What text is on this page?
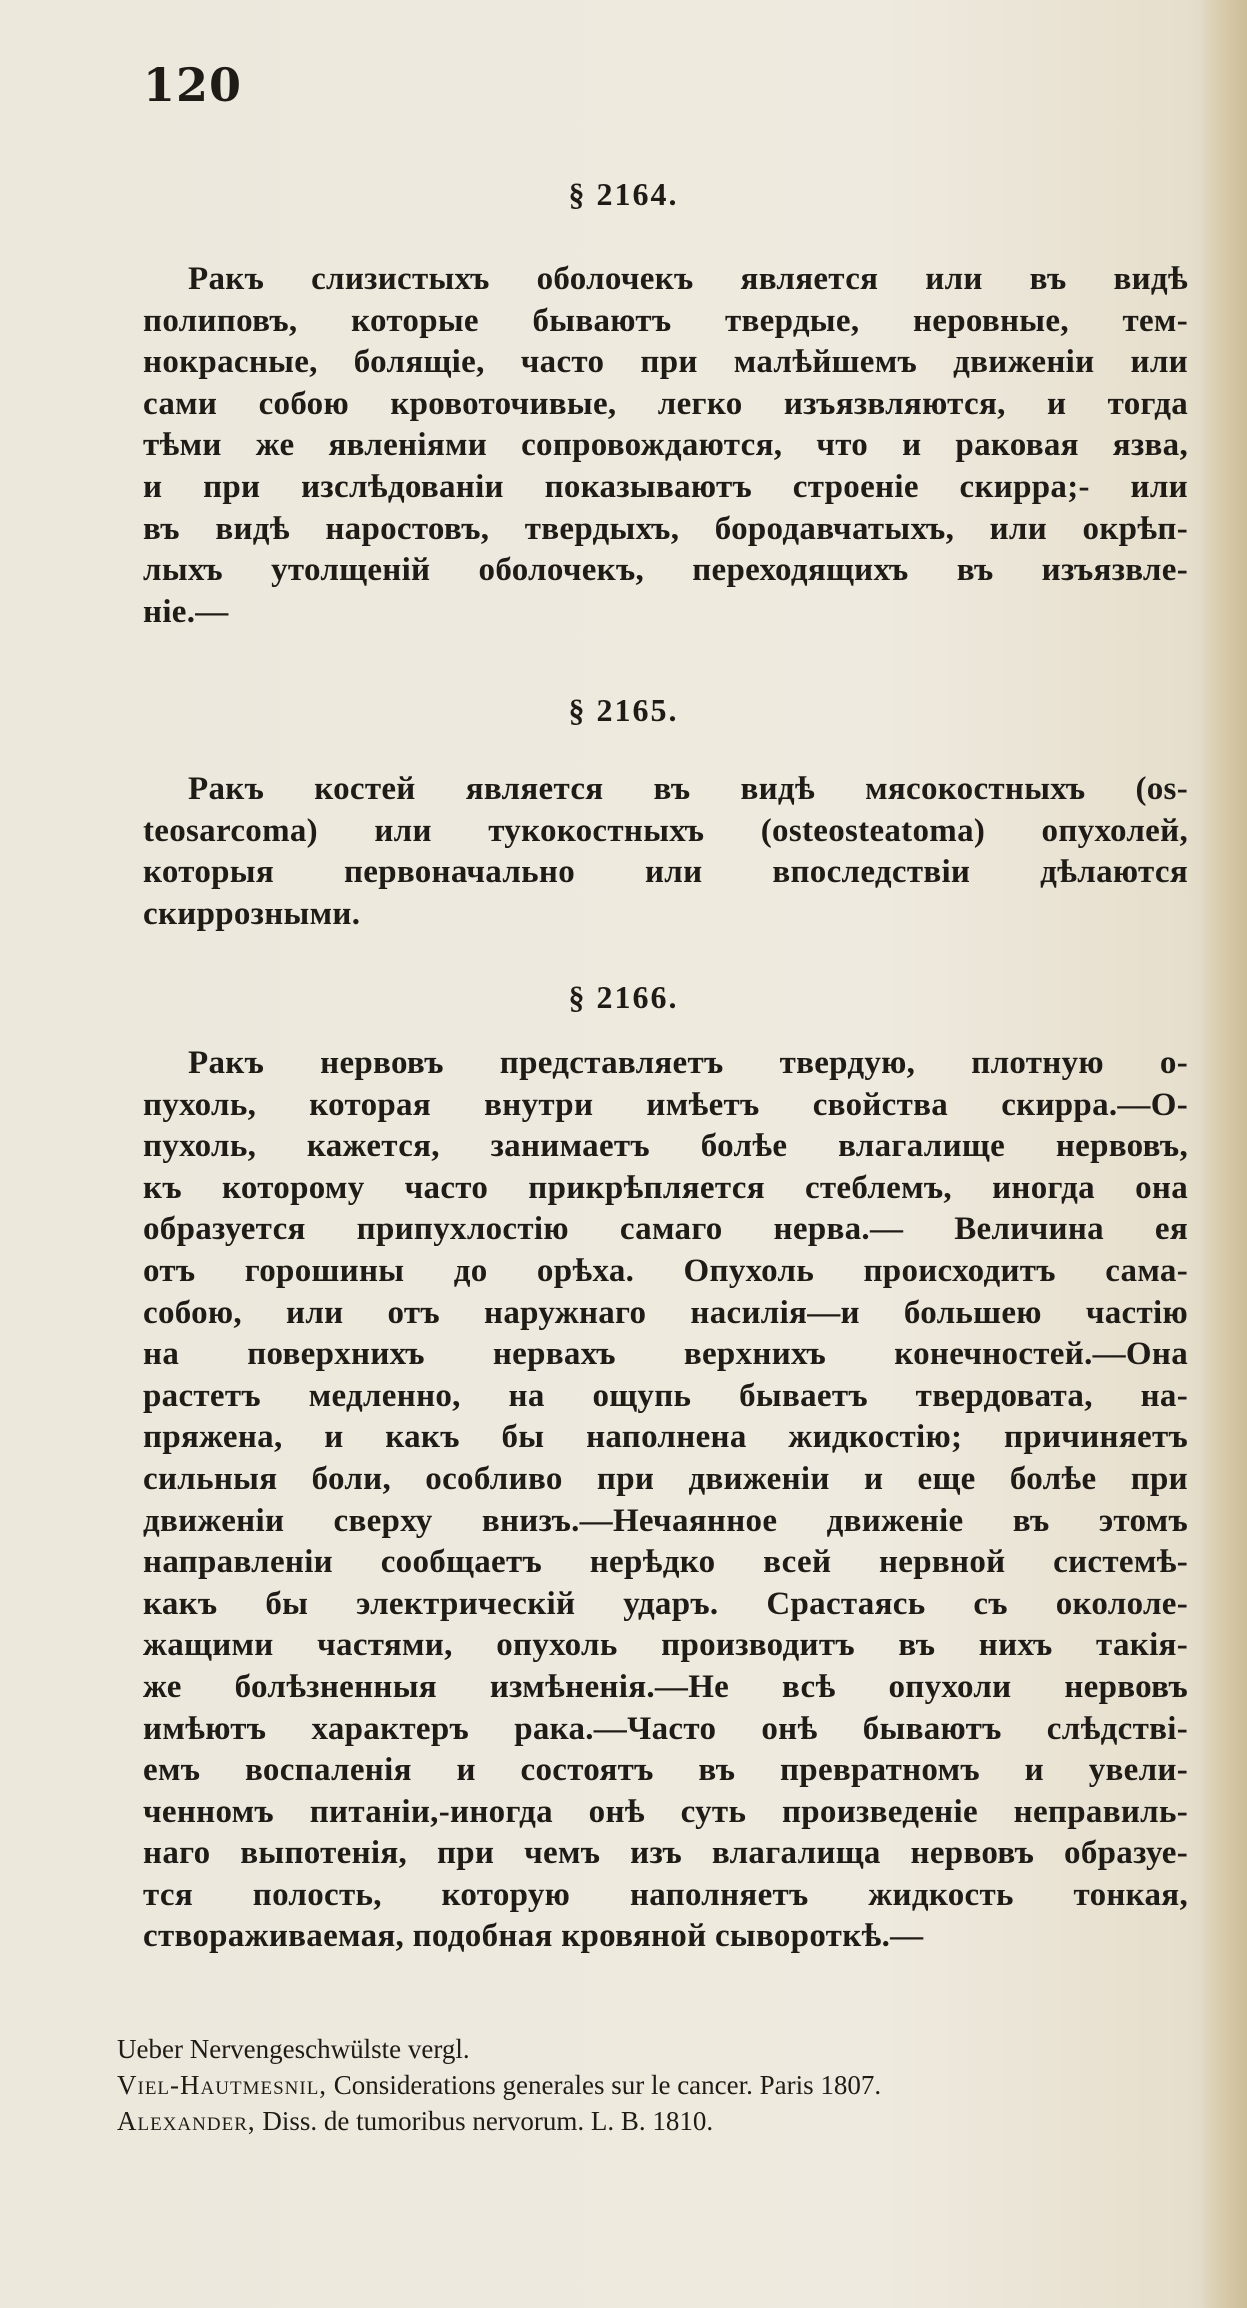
120
§ 2164.
Ракъ слизистыхъ оболочекъ является или въ видѣ
полиповъ, которые бываютъ твердые, неровные, тем-
нокрасные, болящіе, часто при малѣйшемъ движеніи или
сами собою кровоточивые, легко изъязвляются, и тогда
тѣми же явленіями сопровождаются, что и раковая язва,
и при изслѣдованіи показываютъ строеніе скирра;- или
въ видѣ наростовъ, твердыхъ, бородавчатыхъ, или окрѣп-
лыхъ утолщеній оболочекъ, переходящихъ въ изъязвле-
ніе.—
§ 2165.
Ракъ костей является въ видѣ мясокостныхъ (os-
teosarcoma) или тукокостныхъ (osteosteatoma) опухолей,
которыя первоначально или впоследствіи дѣлаются
скиррозными.
§ 2166.
Ракъ нервовъ представляетъ твердую, плотную о-
пухоль, которая внутри имѣетъ свойства скирра.—О-
пухоль, кажется, занимаетъ болѣе влагалище нервовъ,
къ которому часто прикрѣпляется стеблемъ, иногда она
образуется припухлостію самаго нерва.— Величина ея
отъ горошины до орѣха. Опухоль происходитъ сама-
собою, или отъ наружнаго насилія—и большею частію
на поверхнихъ нервахъ верхнихъ конечностей.—Она
растетъ медленно, на ощупь бываетъ твердовата, на-
пряжена, и какъ бы наполнена жидкостію; причиняетъ
сильныя боли, особливо при движеніи и еще болѣе при
движеніи сверху внизъ.—Нечаянное движеніе въ этомъ
направленіи сообщаетъ нерѣдко всей нервной системѣ-
какъ бы электрическій ударъ. Срастаясь съ окололе-
жащими частями, опухоль производитъ въ нихъ такія-
же болѣзненныя измѣненія.—Не всѣ опухоли нервовъ
имѣютъ характеръ рака.—Часто онѣ бываютъ слѣдствi-
емъ воспаленія и состоятъ въ превратномъ и увели-
ченномъ питаніи,-иногда онѣ суть произведеніе неправиль-
наго выпотенія, при чемъ изъ влагалища нервовъ образуе-
тся полость, которую наполняетъ жидкость тонкая,
створаживаемая, подобная кровяной сывороткѣ.—
Ueber Nervengeschwülste vergl.
Viel-Hautmesnil, Considerations generales sur le cancer. Paris 1807.
Alexander, Diss. de tumoribus nervorum. L. B. 1810.
